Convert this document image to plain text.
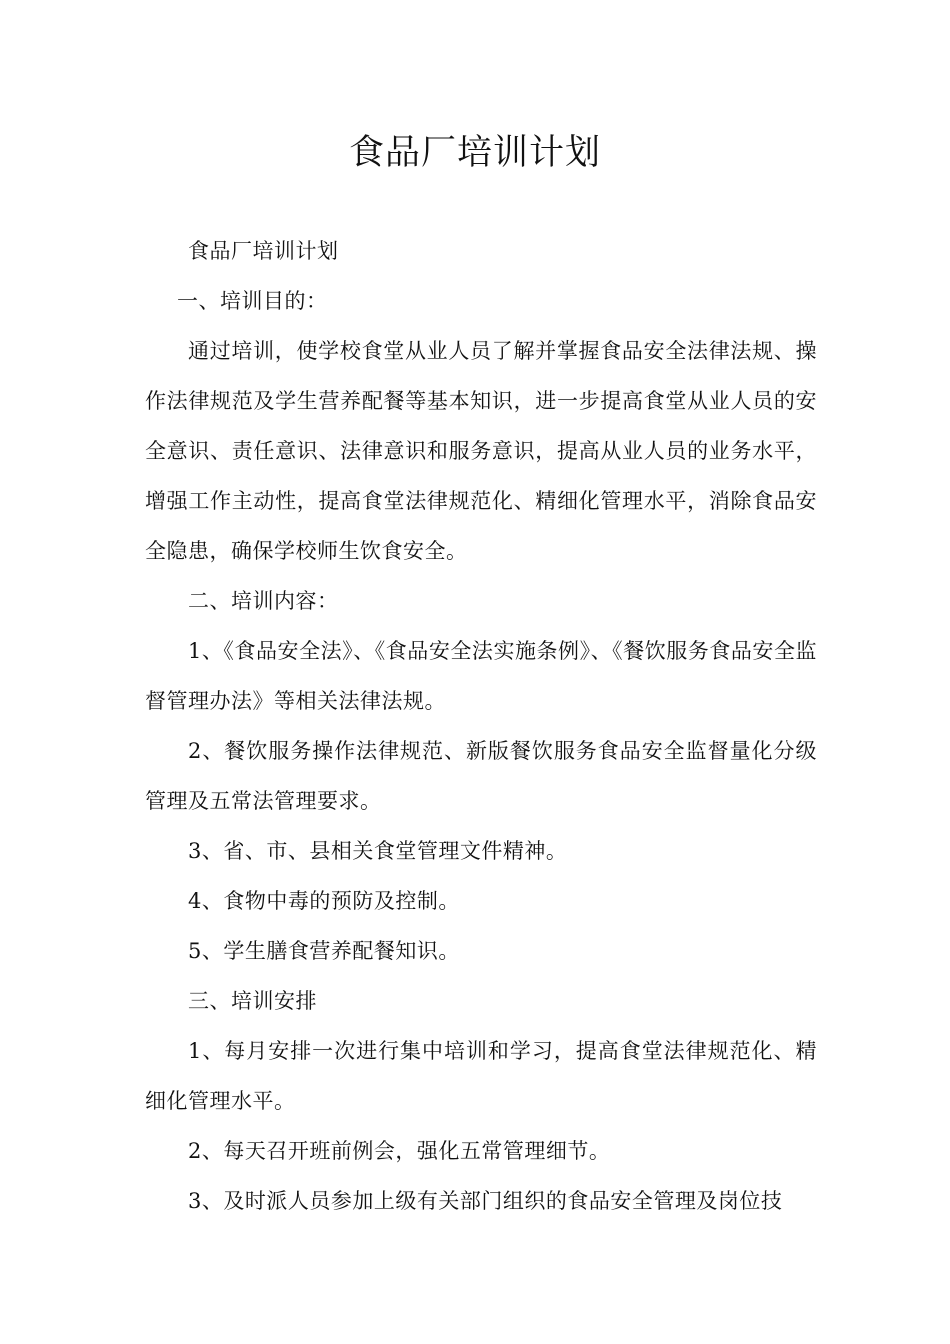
食品厂培训计划

食品厂培训计划

一、培训目的：

通过培训，使学校食堂从业人员了解并掌握食品安全法律法规、操作法律规范及学生营养配餐等基本知识，进一步提高食堂从业人员的安全意识、责任意识、法律意识和服务意识，提高从业人员的业务水平，增强工作主动性，提高食堂法律规范化、精细化管理水平，消除食品安全隐患，确保学校师生饮食安全。

二、培训内容：

1、《食品安全法》、《食品安全法实施条例》、《餐饮服务食品安全监督管理办法》等相关法律法规。

2、餐饮服务操作法律规范、新版餐饮服务食品安全监督量化分级管理及五常法管理要求。

3、省、市、县相关食堂管理文件精神。

4、食物中毒的预防及控制。

5、学生膳食营养配餐知识。

三、培训安排

1、每月安排一次进行集中培训和学习，提高食堂法律规范化、精细化管理水平。

2、每天召开班前例会，强化五常管理细节。

3、及时派人员参加上级有关部门组织的食品安全管理及岗位技
